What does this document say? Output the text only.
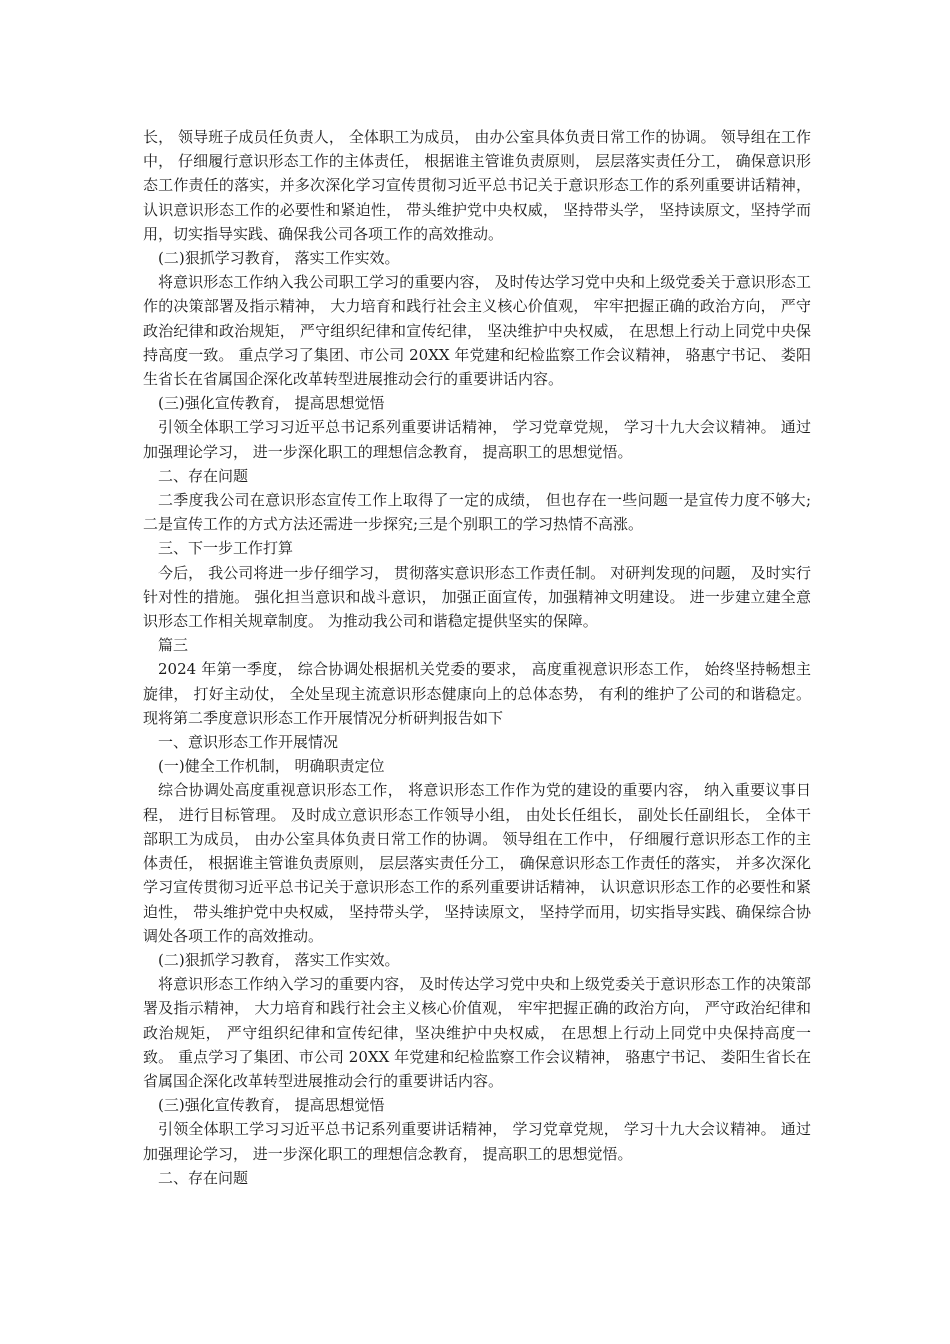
长， 领导班子成员任负责人， 全体职工为成员， 由办公室具体负责日常工作的协调。 领导组在工作中， 仔细履行意识形态工作的主体责任， 根据谁主管谁负责原则， 层层落实责任分工， 确保意识形态工作责任的落实，并多次深化学习宣传贯彻习近平总书记关于意识形态工作的系列重要讲话精神，认识意识形态工作的必要性和紧迫性， 带头维护党中央权威， 坚持带头学， 坚持读原文，坚持学而用，切实指导实践、确保我公司各项工作的高效推动。

(二)狠抓学习教育， 落实工作实效。

将意识形态工作纳入我公司职工学习的重要内容， 及时传达学习党中央和上级党委关于意识形态工作的决策部署及指示精神， 大力培育和践行社会主义核心价值观， 牢牢把握正确的政治方向， 严守政治纪律和政治规矩， 严守组织纪律和宣传纪律， 坚决维护中央权威， 在思想上行动上同党中央保持高度一致。 重点学习了集团、市公司 20XX 年党建和纪检监察工作会议精神， 骆惠宁书记、 娄阳生省长在省属国企深化改革转型进展推动会行的重要讲话内容。

(三)强化宣传教育， 提高思想觉悟

引领全体职工学习习近平总书记系列重要讲话精神， 学习党章党规， 学习十九大会议精神。 通过加强理论学习， 进一步深化职工的理想信念教育， 提高职工的思想觉悟。

二、存在问题

二季度我公司在意识形态宣传工作上取得了一定的成绩， 但也存在一些问题一是宣传力度不够大;二是宣传工作的方式方法还需进一步探究;三是个别职工的学习热情不高涨。

三、下一步工作打算

今后， 我公司将进一步仔细学习， 贯彻落实意识形态工作责任制。 对研判发现的问题， 及时实行针对性的措施。 强化担当意识和战斗意识， 加强正面宣传，加强精神文明建设。 进一步建立建全意识形态工作相关规章制度。 为推动我公司和谐稳定提供坚实的保障。

篇三

2024 年第一季度， 综合协调处根据机关党委的要求， 高度重视意识形态工作， 始终坚持畅想主旋律， 打好主动仗， 全处呈现主流意识形态健康向上的总体态势， 有利的维护了公司的和谐稳定。 现将第二季度意识形态工作开展情况分析研判报告如下

一、意识形态工作开展情况

(一)健全工作机制， 明确职责定位

综合协调处高度重视意识形态工作， 将意识形态工作作为党的建设的重要内容， 纳入重要议事日程， 进行目标管理。 及时成立意识形态工作领导小组， 由处长任组长， 副处长任副组长， 全体干部职工为成员， 由办公室具体负责日常工作的协调。 领导组在工作中， 仔细履行意识形态工作的主体责任， 根据谁主管谁负责原则， 层层落实责任分工， 确保意识形态工作责任的落实， 并多次深化学习宣传贯彻习近平总书记关于意识形态工作的系列重要讲话精神， 认识意识形态工作的必要性和紧迫性， 带头维护党中央权威， 坚持带头学， 坚持读原文， 坚持学而用，切实指导实践、确保综合协调处各项工作的高效推动。

(二)狠抓学习教育， 落实工作实效。

将意识形态工作纳入学习的重要内容， 及时传达学习党中央和上级党委关于意识形态工作的决策部署及指示精神， 大力培育和践行社会主义核心价值观， 牢牢把握正确的政治方向， 严守政治纪律和政治规矩， 严守组织纪律和宣传纪律，坚决维护中央权威， 在思想上行动上同党中央保持高度一致。 重点学习了集团、市公司 20XX 年党建和纪检监察工作会议精神， 骆惠宁书记、 娄阳生省长在省属国企深化改革转型进展推动会行的重要讲话内容。

(三)强化宣传教育， 提高思想觉悟

引领全体职工学习习近平总书记系列重要讲话精神， 学习党章党规， 学习十九大会议精神。 通过加强理论学习， 进一步深化职工的理想信念教育， 提高职工的思想觉悟。

二、存在问题
